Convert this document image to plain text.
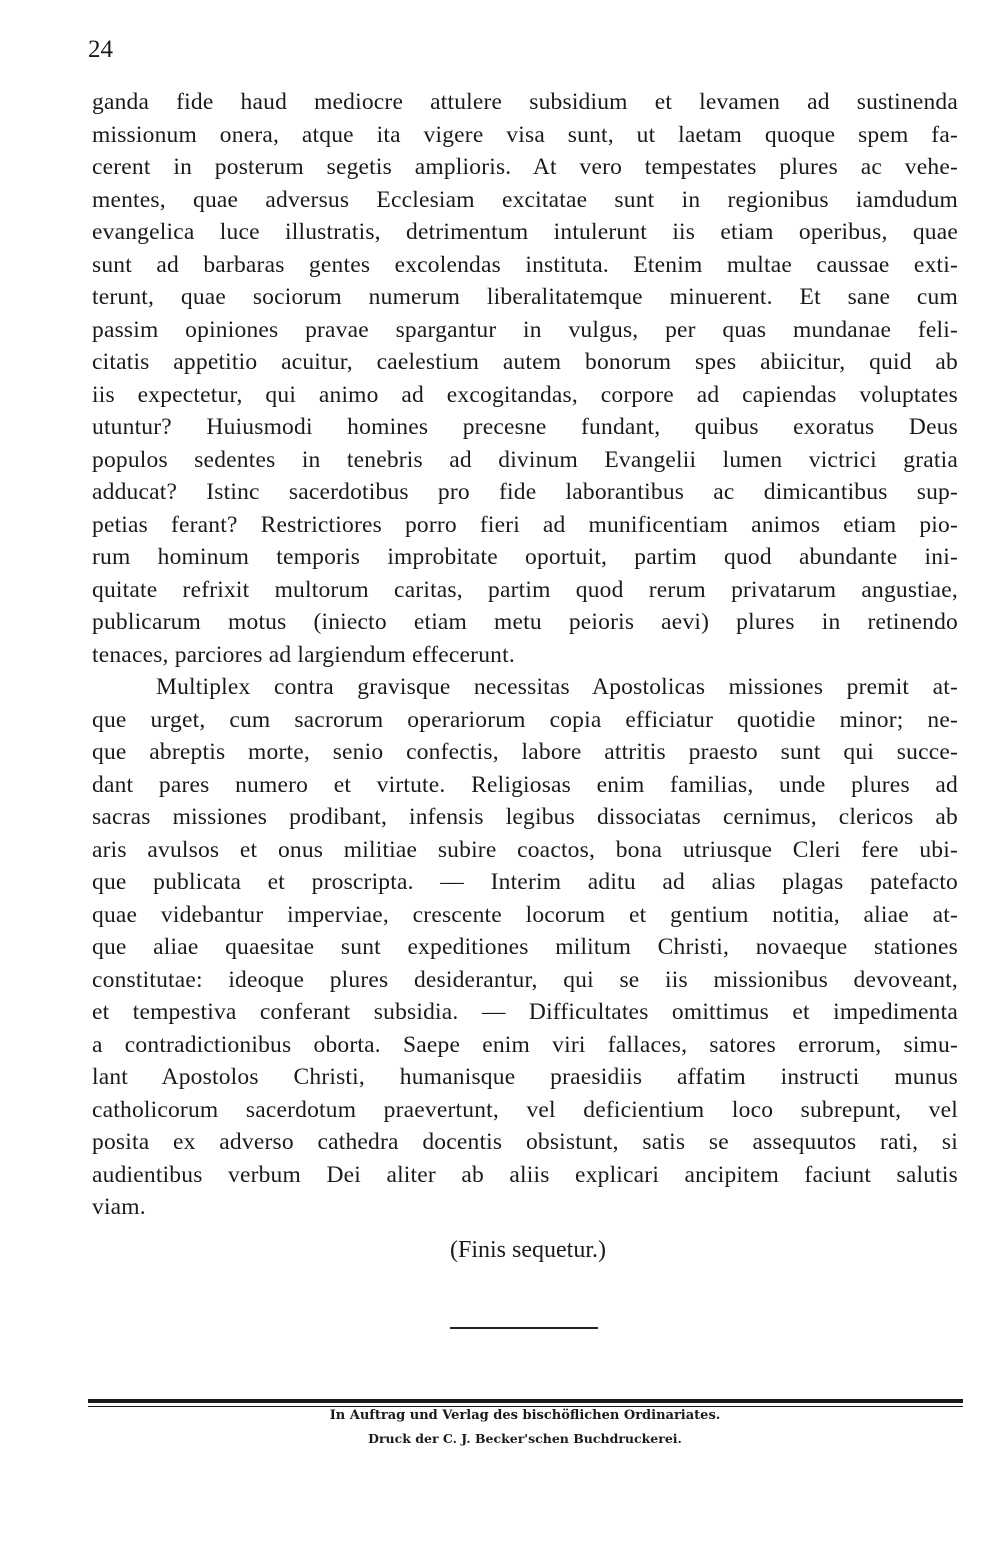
24
ganda fide haud mediocre attulere subsidium et levamen ad sustinenda
missionum onera, atque ita vigere visa sunt, ut laetam quoque spem fa-
cerent in posterum segetis amplioris. At vero tempestates plures ac vehe-
mentes, quae adversus Ecclesiam excitatae sunt in regionibus iamdudum
evangelica luce illustratis, detrimentum intulerunt iis etiam operibus, quae
sunt ad barbaras gentes excolendas instituta. Etenim multae caussae exti-
terunt, quae sociorum numerum liberalitatemque minuerent. Et sane cum
passim opiniones pravae spargantur in vulgus, per quas mundanae feli-
citatis appetitio acuitur, caelestium autem bonorum spes abiicitur, quid ab
iis expectetur, qui animo ad excogitandas, corpore ad capiendas voluptates
utuntur? Huiusmodi homines precesne fundant, quibus exoratus Deus
populos sedentes in tenebris ad divinum Evangelii lumen victrici gratia
adducat? Istinc sacerdotibus pro fide laborantibus ac dimicantibus sup-
petias ferant? Restrictiores porro fieri ad munificentiam animos etiam pio-
rum hominum temporis improbitate oportuit, partim quod abundante ini-
quitate refrixit multorum caritas, partim quod rerum privatarum angustiae,
publicarum motus (iniecto etiam metu peioris aevi) plures in retinendo
tenaces, parciores ad largiendum effecerunt.
Multiplex contra gravisque necessitas Apostolicas missiones premit at-
que urget, cum sacrorum operariorum copia efficiatur quotidie minor; ne-
que abreptis morte, senio confectis, labore attritis praesto sunt qui succe-
dant pares numero et virtute. Religiosas enim familias, unde plures ad
sacras missiones prodibant, infensis legibus dissociatas cernimus, clericos ab
aris avulsos et onus militiae subire coactos, bona utriusque Cleri fere ubi-
que publicata et proscripta. — Interim aditu ad alias plagas patefacto
quae videbantur imperviae, crescente locorum et gentium notitia, aliae at-
que aliae quaesitae sunt expeditiones militum Christi, novaeque stationes
constitutae: ideoque plures desiderantur, qui se iis missionibus devoveant,
et tempestiva conferant subsidia. — Difficultates omittimus et impedimenta
a contradictionibus oborta. Saepe enim viri fallaces, satores errorum, simu-
lant Apostolos Christi, humanisque praesidiis affatim instructi munus
catholicorum sacerdotum praevertunt, vel deficientium loco subrepunt, vel
posita ex adverso cathedra docentis obsistunt, satis se assequutos rati, si
audientibus verbum Dei aliter ab aliis explicari ancipitem faciunt salutis
viam.
(Finis sequetur.)
In Auftrag und Verlag des bischöflichen Ordinariates.
Druck der C. J. Becker'schen Buchdruckerei.
